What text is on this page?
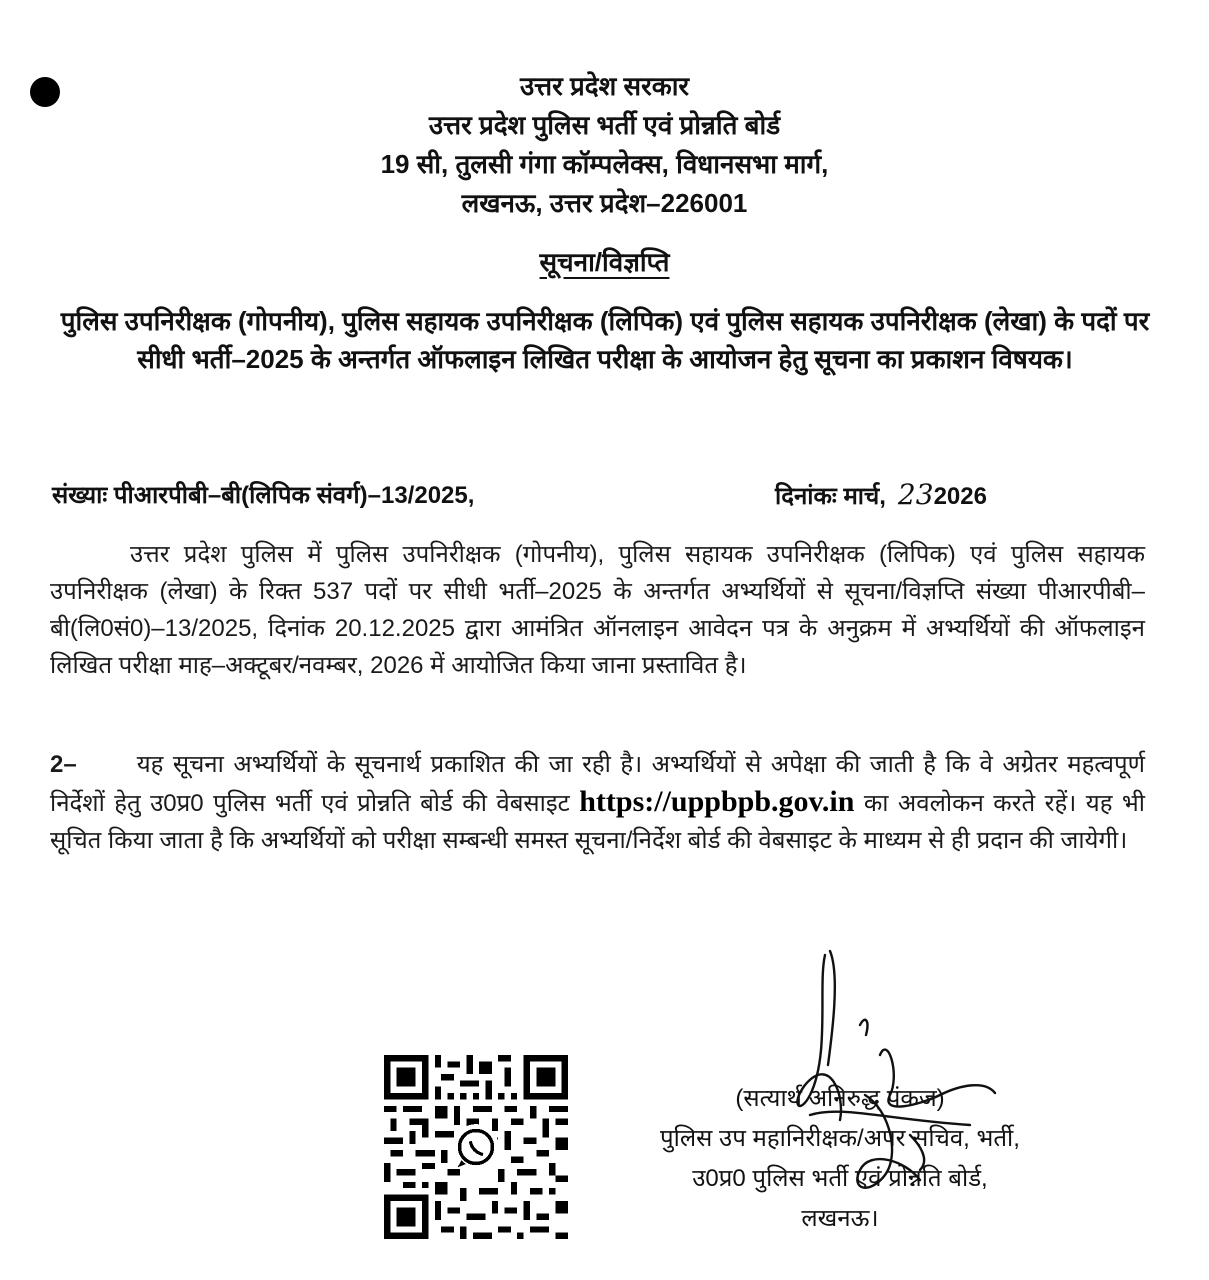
उत्तर प्रदेश सरकार
उत्तर प्रदेश पुलिस भर्ती एवं प्रोन्नति बोर्ड
19 सी, तुलसी गंगा कॉम्पलेक्स, विधानसभा मार्ग,
लखनऊ, उत्तर प्रदेश–226001
सूचना/विज्ञप्ति
पुलिस उपनिरीक्षक (गोपनीय), पुलिस सहायक उपनिरीक्षक (लिपिक) एवं पुलिस सहायक उपनिरीक्षक (लेखा) के पदों पर सीधी भर्ती–2025 के अन्तर्गत ऑफलाइन लिखित परीक्षा के आयोजन हेतु सूचना का प्रकाशन विषयक।
संख्याः पीआरपीबी–बी(लिपिक संवर्ग)–13/2025,	दिनांकः मार्च, 232026
उत्तर प्रदेश पुलिस में पुलिस उपनिरीक्षक (गोपनीय), पुलिस सहायक उपनिरीक्षक (लिपिक) एवं पुलिस सहायक उपनिरीक्षक (लेखा) के रिक्त 537 पदों पर सीधी भर्ती–2025 के अन्तर्गत अभ्यर्थियों से सूचना/विज्ञप्ति संख्या पीआरपीबी–बी(लि0सं0)–13/2025, दिनांक 20.12.2025 द्वारा आमंत्रित ऑनलाइन आवेदन पत्र के अनुक्रम में अभ्यर्थियों की ऑफलाइन लिखित परीक्षा माह–अक्टूबर/नवम्बर, 2026 में आयोजित किया जाना प्रस्तावित है।
2–	यह सूचना अभ्यर्थियों के सूचनार्थ प्रकाशित की जा रही है। अभ्यर्थियों से अपेक्षा की जाती है कि वे अग्रेतर महत्वपूर्ण निर्देशों हेतु उ0प्र0 पुलिस भर्ती एवं प्रोन्नति बोर्ड की वेबसाइट https://uppbpb.gov.in का अवलोकन करते रहें। यह भी सूचित किया जाता है कि अभ्यर्थियों को परीक्षा सम्बन्धी समस्त सूचना/निर्देश बोर्ड की वेबसाइट के माध्यम से ही प्रदान की जायेगी।
(सत्यार्थ अनिरुद्ध पंकज)
पुलिस उप महानिरीक्षक/अपर सचिव, भर्ती,
उ0प्र0 पुलिस भर्ती एवं प्रोन्नति बोर्ड,
लखनऊ।
